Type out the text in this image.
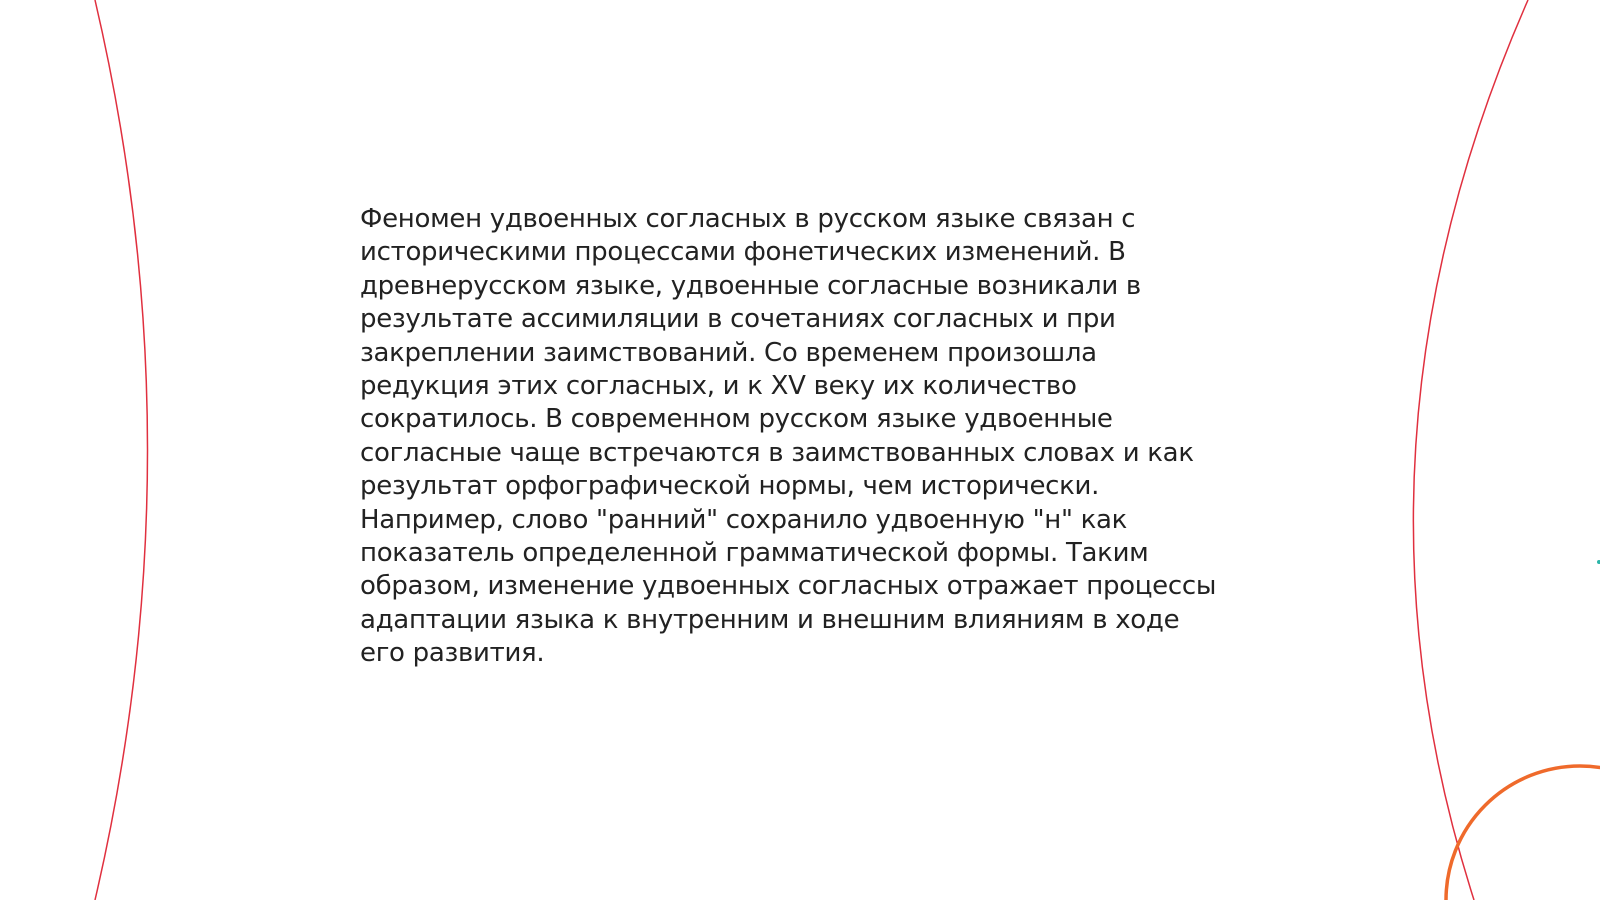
Феномен удвоенных согласных в русском языке связан с
историческими процессами фонетических изменений. В
древнерусском языке, удвоенные согласные возникали в
результате ассимиляции в сочетаниях согласных и при
закреплении заимствований. Со временем произошла
редукция этих согласных, и к XV веку их количество
сократилось. В современном русском языке удвоенные
согласные чаще встречаются в заимствованных словах и как
результат орфографической нормы, чем исторически.
Например, слово "ранний" сохранило удвоенную "н" как
показатель определенной грамматической формы. Таким
образом, изменение удвоенных согласных отражает процессы
адаптации языка к внутренним и внешним влияниям в ходе
его развития.
